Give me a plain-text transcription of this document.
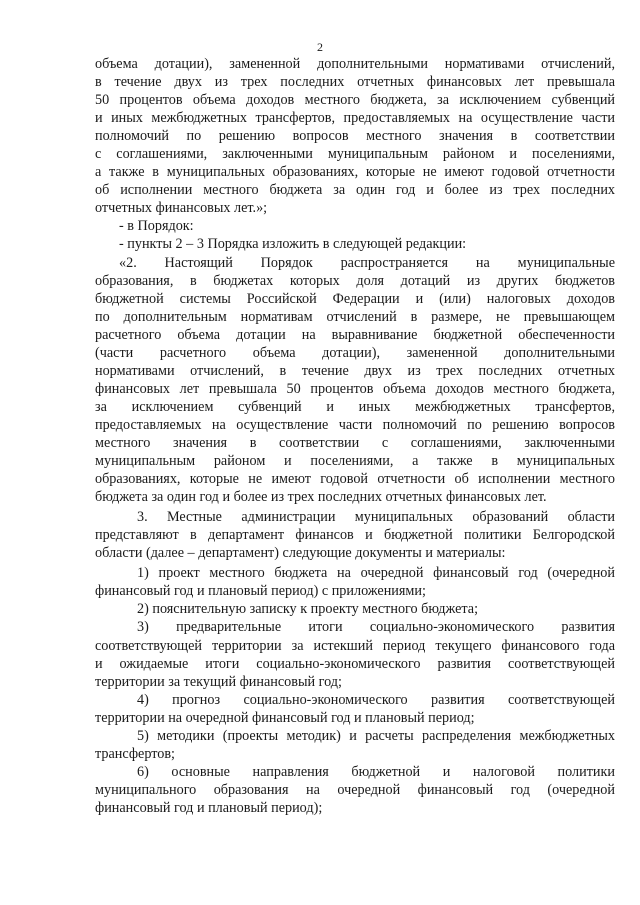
2
объема дотации), замененной дополнительными нормативами отчислений,
в течение двух из трех последних отчетных финансовых лет превышала
50 процентов объема доходов местного бюджета, за исключением субвенций
и иных межбюджетных трансфертов, предоставляемых на осуществление части
полномочий по решению вопросов местного значения в соответствии
с соглашениями, заключенными муниципальным районом и поселениями,
а также в муниципальных образованиях, которые не имеют годовой отчетности
об исполнении местного бюджета за один год и более из трех последних
отчетных финансовых лет.»;
- в Порядок:
- пункты 2 – 3 Порядка изложить в следующей редакции:
«2. Настоящий Порядок распространяется на муниципальные
образования, в бюджетах которых доля дотаций из других бюджетов
бюджетной системы Российской Федерации и (или) налоговых доходов
по дополнительным нормативам отчислений в размере, не превышающем
расчетного объема дотации на выравнивание бюджетной обеспеченности
(части расчетного объема дотации), замененной дополнительными
нормативами отчислений, в течение двух из трех последних отчетных
финансовых лет превышала 50 процентов объема доходов местного бюджета,
за исключением субвенций и иных межбюджетных трансфертов,
предоставляемых на осуществление части полномочий по решению вопросов
местного значения в соответствии с соглашениями, заключенными
муниципальным районом и поселениями, а также в муниципальных
образованиях, которые не имеют годовой отчетности об исполнении местного
бюджета за один год и более из трех последних отчетных финансовых лет.
3. Местные администрации муниципальных образований области
представляют в департамент финансов и бюджетной политики Белгородской
области (далее – департамент) следующие документы и материалы:
1) проект местного бюджета на очередной финансовый год (очередной
финансовый год и плановый период) с приложениями;
2) пояснительную записку к проекту местного бюджета;
3) предварительные итоги социально-экономического развития
соответствующей территории за истекший период текущего финансового года
и ожидаемые итоги социально-экономического развития соответствующей
территории за текущий финансовый год;
4) прогноз социально-экономического развития соответствующей
территории на очередной финансовый год и плановый период;
5) методики (проекты методик) и расчеты распределения межбюджетных
трансфертов;
6) основные направления бюджетной и налоговой политики
муниципального образования на очередной финансовый год (очередной
финансовый год и плановый период);
